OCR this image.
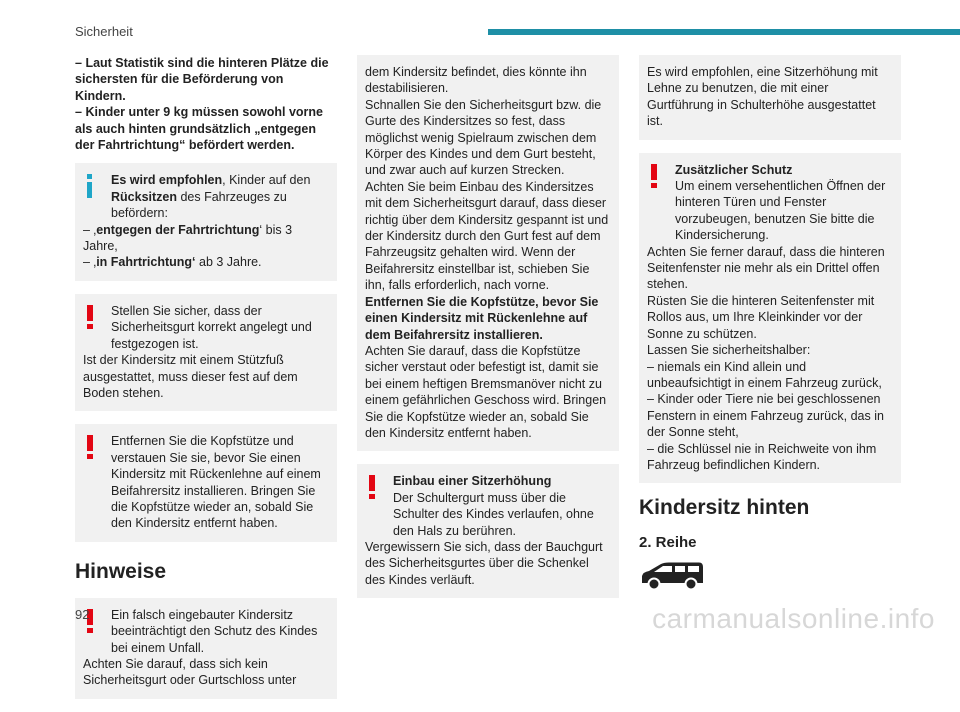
Sicherheit

– Laut Statistik sind die hinteren Plätze die sichersten für die Beförderung von Kindern.
– Kinder unter 9 kg müssen sowohl vorne als auch hinten grundsätzlich „entgegen der Fahrtrichtung“ befördert werden.

Es wird empfohlen, Kinder auf den
Rücksitzen des Fahrzeuges zu befördern:
– ‚entgegen der Fahrtrichtung‘ bis 3 Jahre,
– ‚in Fahrtrichtung‘ ab 3 Jahre.

Stellen Sie sicher, dass der Sicherheitsgurt korrekt angelegt und festgezogen ist.
Ist der Kindersitz mit einem Stützfuß ausgestattet, muss dieser fest auf dem Boden stehen.

Entfernen Sie die Kopfstütze und verstauen Sie sie, bevor Sie einen Kindersitz mit Rückenlehne auf einem Beifahrersitz installieren. Bringen Sie die Kopfstütze wieder an, sobald Sie den Kindersitz entfernt haben.

Hinweise

Ein falsch eingebauter Kindersitz beeinträchtigt den Schutz des Kindes bei einem Unfall.
Achten Sie darauf, dass sich kein Sicherheitsgurt oder Gurtschloss unter

dem Kindersitz befindet, dies könnte ihn destabilisieren.

Schnallen Sie den Sicherheitsgurt bzw. die Gurte des Kindersitzes so fest, dass möglichst wenig Spielraum zwischen dem Körper des Kindes und dem Gurt besteht, und zwar auch auf kurzen Strecken.

Achten Sie beim Einbau des Kindersitzes mit dem Sicherheitsgurt darauf, dass dieser richtig über dem Kindersitz gespannt ist und der Kindersitz durch den Gurt fest auf dem Fahrzeugsitz gehalten wird. Wenn der Beifahrersitz einstellbar ist, schieben Sie ihn, falls erforderlich, nach vorne.

Entfernen Sie die Kopfstütze, bevor Sie einen Kindersitz mit Rückenlehne auf dem Beifahrersitz installieren.

Achten Sie darauf, dass die Kopfstütze sicher verstaut oder befestigt ist, damit sie bei einem heftigen Bremsmanöver nicht zu einem gefährlichen Geschoss wird. Bringen Sie die Kopfstütze wieder an, sobald Sie den Kindersitz entfernt haben.

Einbau einer Sitzerhöhung
Der Schultergurt muss über die Schulter des Kindes verlaufen, ohne den Hals zu berühren.
Vergewissern Sie sich, dass der Bauchgurt des Sicherheitsgurtes über die Schenkel des Kindes verläuft.

Es wird empfohlen, eine Sitzerhöhung mit Lehne zu benutzen, die mit einer Gurtführung in Schulterhöhe ausgestattet ist.

Zusätzlicher Schutz
Um einem versehentlichen Öffnen der hinteren Türen und Fenster vorzubeugen, benutzen Sie bitte die Kindersicherung.
Achten Sie ferner darauf, dass die hinteren Seitenfenster nie mehr als ein Drittel offen stehen.
Rüsten Sie die hinteren Seitenfenster mit Rollos aus, um Ihre Kleinkinder vor der Sonne zu schützen.
Lassen Sie sicherheitshalber:
– niemals ein Kind allein und unbeaufsichtigt in einem Fahrzeug zurück,
– Kinder oder Tiere nie bei geschlossenen Fenstern in einem Fahrzeug zurück, das in der Sonne steht,
– die Schlüssel nie in Reichweite von ihm Fahrzeug befindlichen Kindern.

Kindersitz hinten
2. Reihe
92	carmanualsonline.info
